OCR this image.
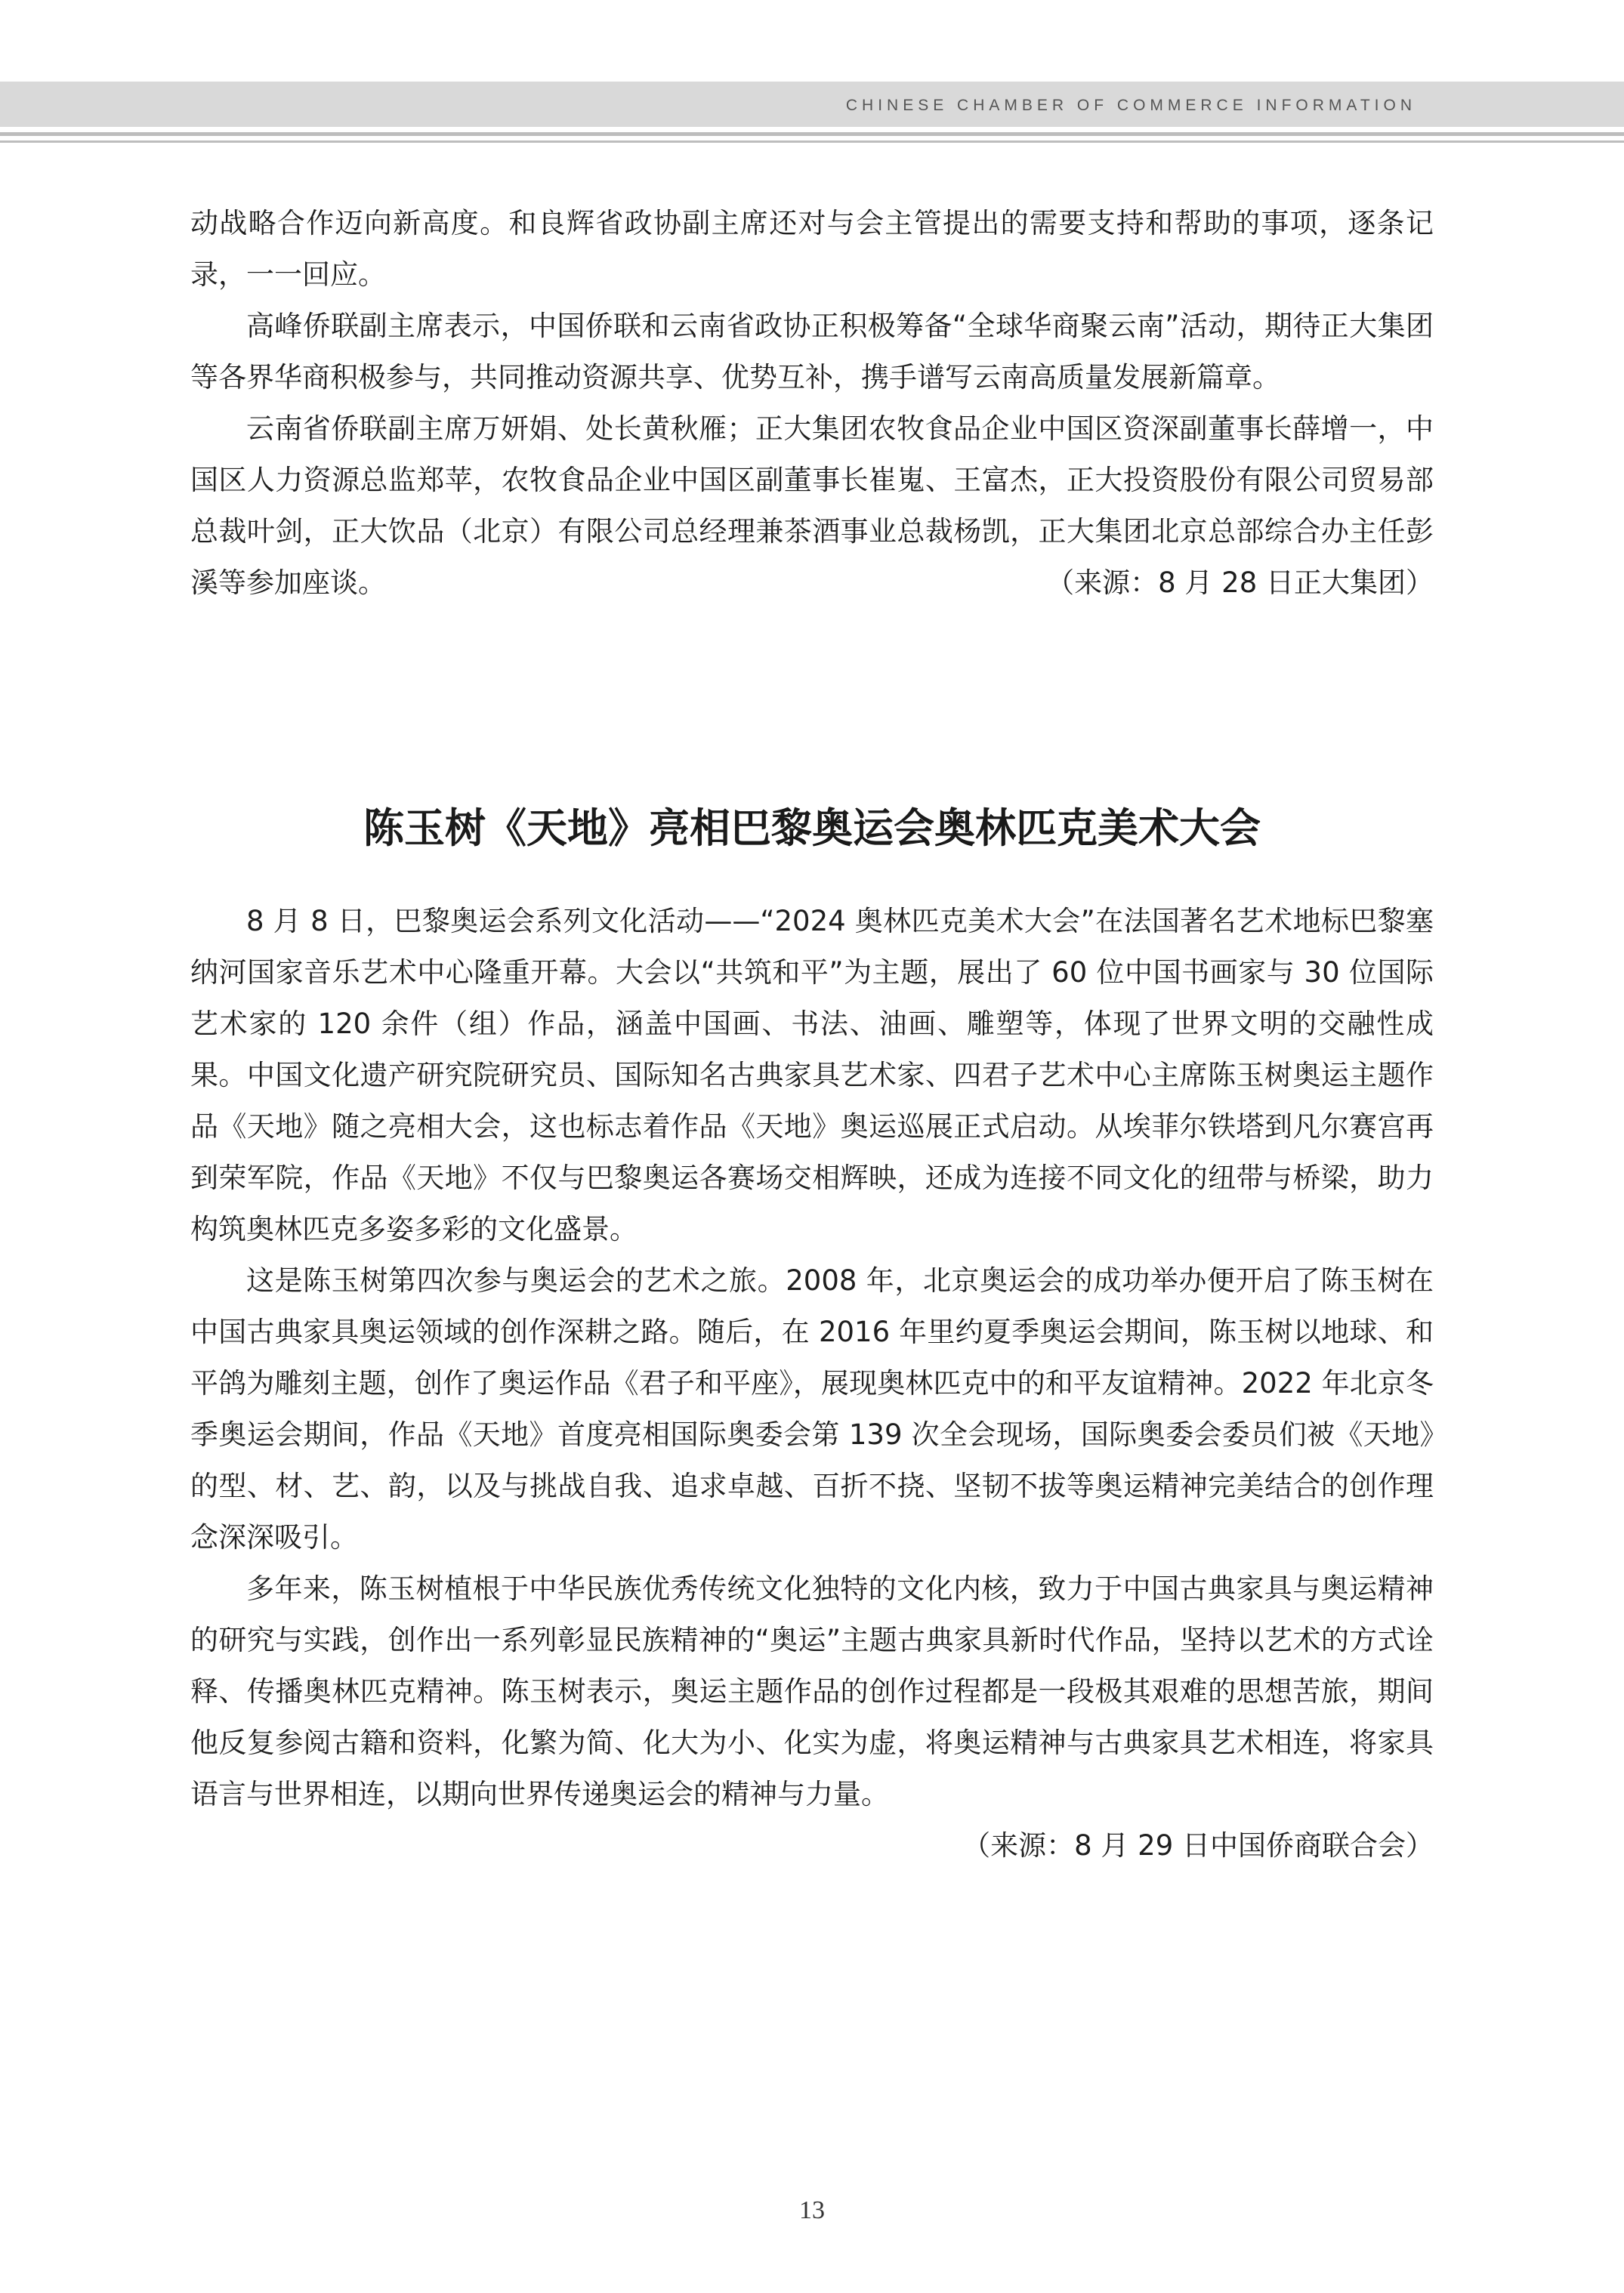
CHINESE CHAMBER OF COMMERCE INFORMATION

动战略合作迈向新高度。和良辉省政协副主席还对与会主管提出的需要支持和帮助的事项，逐条记录，一一回应。

高峰侨联副主席表示，中国侨联和云南省政协正积极筹备“全球华商聚云南”活动，期待正大集团等各界华商积极参与，共同推动资源共享、优势互补，携手谱写云南高质量发展新篇章。

云南省侨联副主席万妍娟、处长黄秋雁；正大集团农牧食品企业中国区资深副董事长薛增一，中国区人力资源总监郑苹，农牧食品企业中国区副董事长崔嵬、王富杰，正大投资股份有限公司贸易部总裁叶剑，正大饮品（北京）有限公司总经理兼茶酒事业总裁杨凯，正大集团北京总部综合办主任彭溪等参加座谈。	（来源：8 月 28 日正大集团）

陈玉树《天地》亮相巴黎奥运会奥林匹克美术大会

8 月 8 日，巴黎奥运会系列文化活动——“2024 奥林匹克美术大会”在法国著名艺术地标巴黎塞纳河国家音乐艺术中心隆重开幕。大会以“共筑和平”为主题，展出了 60 位中国书画家与 30 位国际艺术家的 120 余件（组）作品，涵盖中国画、书法、油画、雕塑等，体现了世界文明的交融性成果。中国文化遗产研究院研究员、国际知名古典家具艺术家、四君子艺术中心主席陈玉树奥运主题作品《天地》随之亮相大会，这也标志着作品《天地》奥运巡展正式启动。从埃菲尔铁塔到凡尔赛宫再到荣军院，作品《天地》不仅与巴黎奥运各赛场交相辉映，还成为连接不同文化的纽带与桥梁，助力构筑奥林匹克多姿多彩的文化盛景。

这是陈玉树第四次参与奥运会的艺术之旅。2008 年，北京奥运会的成功举办便开启了陈玉树在中国古典家具奥运领域的创作深耕之路。随后，在 2016 年里约夏季奥运会期间，陈玉树以地球、和平鸽为雕刻主题，创作了奥运作品《君子和平座》，展现奥林匹克中的和平友谊精神。2022 年北京冬季奥运会期间，作品《天地》首度亮相国际奥委会第 139 次全会现场，国际奥委会委员们被《天地》的型、材、艺、韵，以及与挑战自我、追求卓越、百折不挠、坚韧不拔等奥运精神完美结合的创作理念深深吸引。

多年来，陈玉树植根于中华民族优秀传统文化独特的文化内核，致力于中国古典家具与奥运精神的研究与实践，创作出一系列彰显民族精神的“奥运”主题古典家具新时代作品，坚持以艺术的方式诠释、传播奥林匹克精神。陈玉树表示，奥运主题作品的创作过程都是一段极其艰难的思想苦旅，期间他反复参阅古籍和资料，化繁为简、化大为小、化实为虚，将奥运精神与古典家具艺术相连，将家具语言与世界相连，以期向世界传递奥运会的精神与力量。

（来源：8 月 29 日中国侨商联合会）

13
